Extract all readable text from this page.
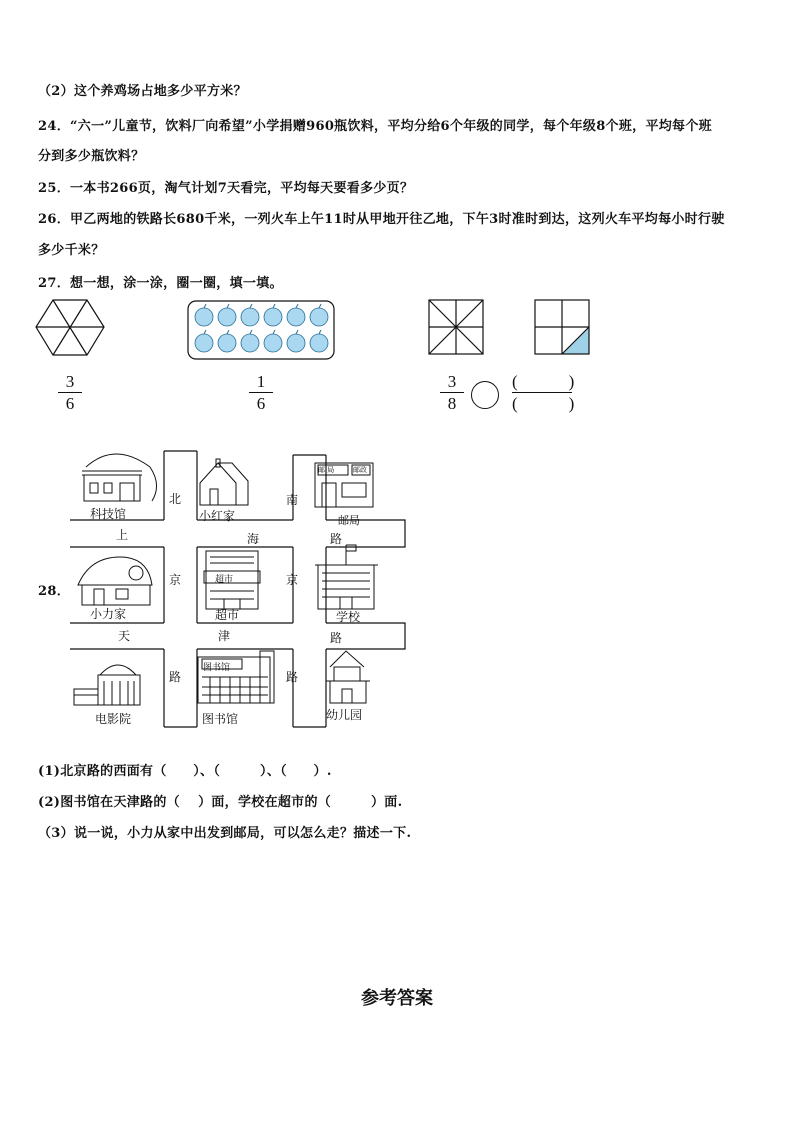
（2）这个养鸡场占地多少平方米？
24．“六一”儿童节，饮料厂向希望”小学捐赠960瓶饮料，平均分给6个年级的同学，每个年级8个班，平均每个班
分到多少瓶饮料？
25．一本书266页，淘气计划7天看完，平均每天要看多少页？
26．甲乙两地的铁路长680千米，一列火车上午11时从甲地开往乙地，下午3时准时到达，这列火车平均每小时行驶
多少千米？
27．想一想，涂一涂，圈一圈，填一填。
3
6
1
6
3
8
(　　　)
(　　　)
28．
科技馆	小红家	邮局
小力家	超市	学校
电影院	图书馆	幼儿园
邮 局	邮政
超市
图书馆
上	海	路
天	津	路
北
京
路
南
京
路
(1)北京路的西面有（　　）、（　　　）、（　　）.
(2)图书馆在天津路的（　 ）面，学校在超市的（　　　）面.
（3）说一说，小力从家中出发到邮局，可以怎么走？描述一下.
参考答案
